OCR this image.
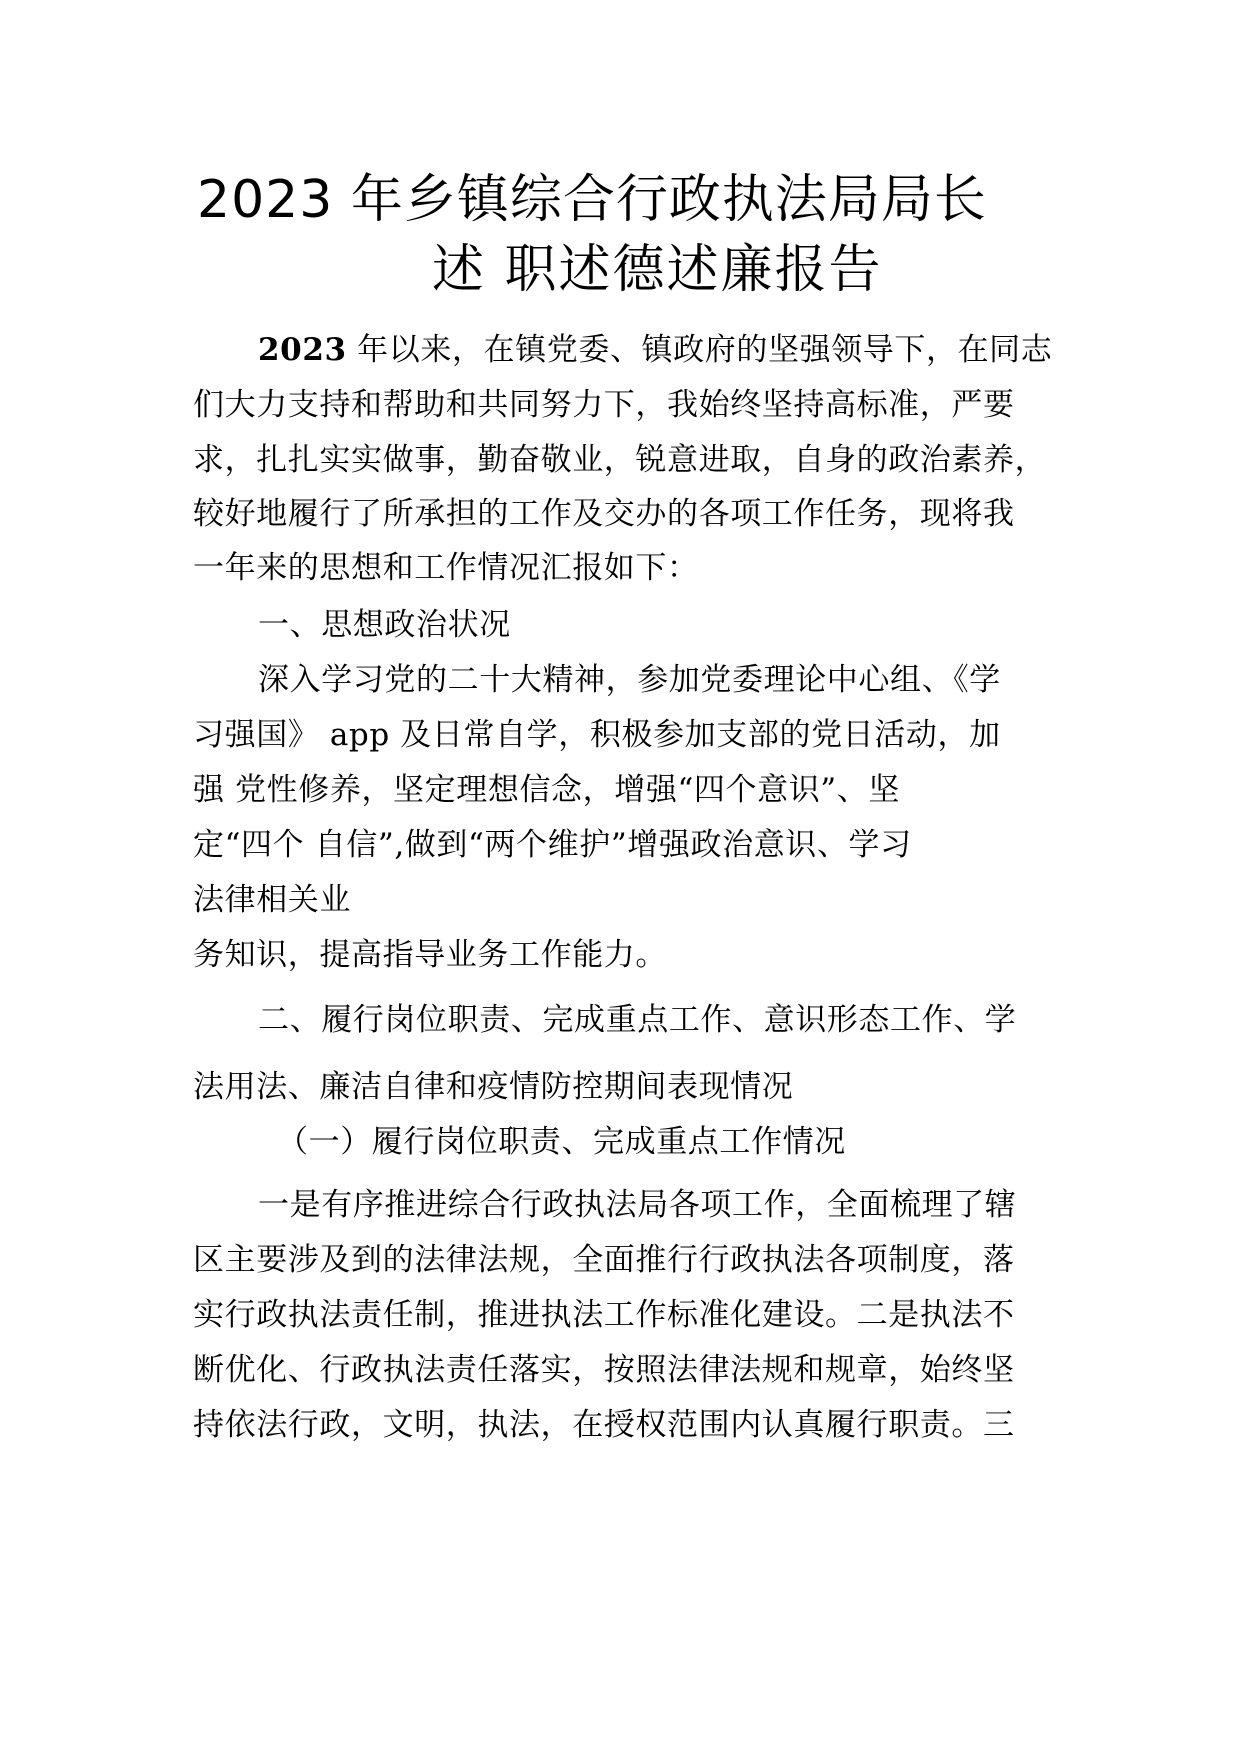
2023 年乡镇综合行政执法局局长
述 职述德述廉报告
2023 年以来，在镇党委、镇政府的坚强领导下，在同志
们大力支持和帮助和共同努力下，我始终坚持高标准，严要
求，扎扎实实做事，勤奋敬业，锐意进取，自身的政治素养，
较好地履行了所承担的工作及交办的各项工作任务，现将我
一年来的思想和工作情况汇报如下：
一、思想政治状况
深入学习党的二十大精神，参加党委理论中心组、《学
习强国》 app 及日常自学，积极参加支部的党日活动，加
强 党性修养，坚定理想信念，增强“四个意识”、坚
定“四个 自信”,做到“两个维护”增强政治意识、学习
法律相关业
务知识，提高指导业务工作能力。
二、履行岗位职责、完成重点工作、意识形态工作、学
法用法、廉洁自律和疫情防控期间表现情况
（一）履行岗位职责、完成重点工作情况
一是有序推进综合行政执法局各项工作，全面梳理了辖
区主要涉及到的法律法规，全面推行行政执法各项制度，落
实行政执法责任制，推进执法工作标准化建设。二是执法不
断优化、行政执法责任落实，按照法律法规和规章，始终坚
持依法行政，文明，执法，在授权范围内认真履行职责。三
